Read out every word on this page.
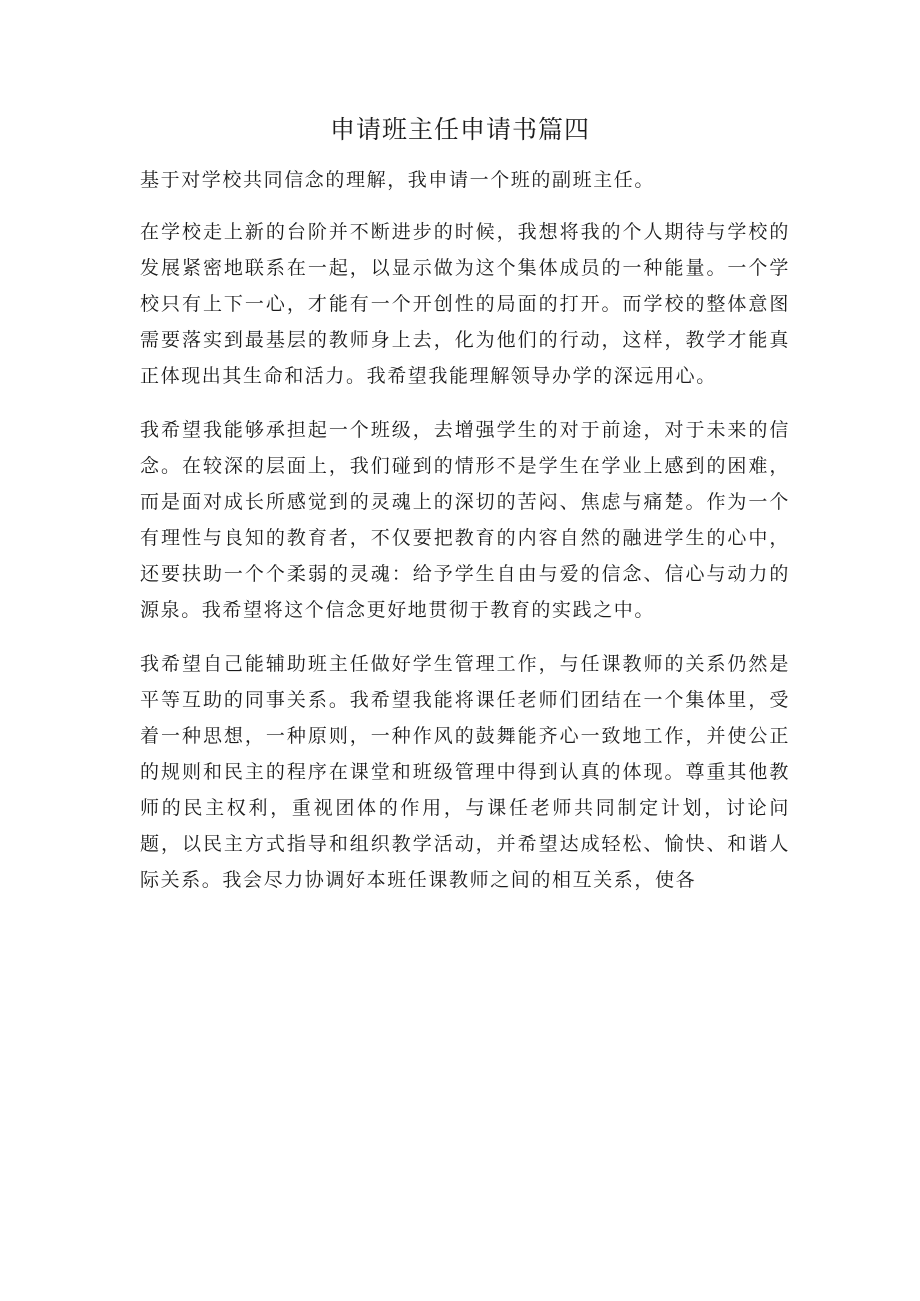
申请班主任申请书篇四

基于对学校共同信念的理解，我申请一个班的副班主任。

在学校走上新的台阶并不断进步的时候，我想将我的个人期待与学校的发展紧密地联系在一起，以显示做为这个集体成员的一种能量。一个学校只有上下一心，才能有一个开创性的局面的打开。而学校的整体意图需要落实到最基层的教师身上去，化为他们的行动，这样，教学才能真正体现出其生命和活力。我希望我能理解领导办学的深远用心。

我希望我能够承担起一个班级，去增强学生的对于前途，对于未来的信念。在较深的层面上，我们碰到的情形不是学生在学业上感到的困难，而是面对成长所感觉到的灵魂上的深切的苦闷、焦虑与痛楚。作为一个有理性与良知的教育者，不仅要把教育的内容自然的融进学生的心中，还要扶助一个个柔弱的灵魂：给予学生自由与爱的信念、信心与动力的源泉。我希望将这个信念更好地贯彻于教育的实践之中。

我希望自己能辅助班主任做好学生管理工作，与任课教师的关系仍然是平等互助的同事关系。我希望我能将课任老师们团结在一个集体里，受着一种思想，一种原则，一种作风的鼓舞能齐心一致地工作，并使公正的规则和民主的程序在课堂和班级管理中得到认真的体现。尊重其他教师的民主权利，重视团体的作用，与课任老师共同制定计划，讨论问题，以民主方式指导和组织教学活动，并希望达成轻松、愉快、和谐人际关系。我会尽力协调好本班任课教师之间的相互关系，使各
